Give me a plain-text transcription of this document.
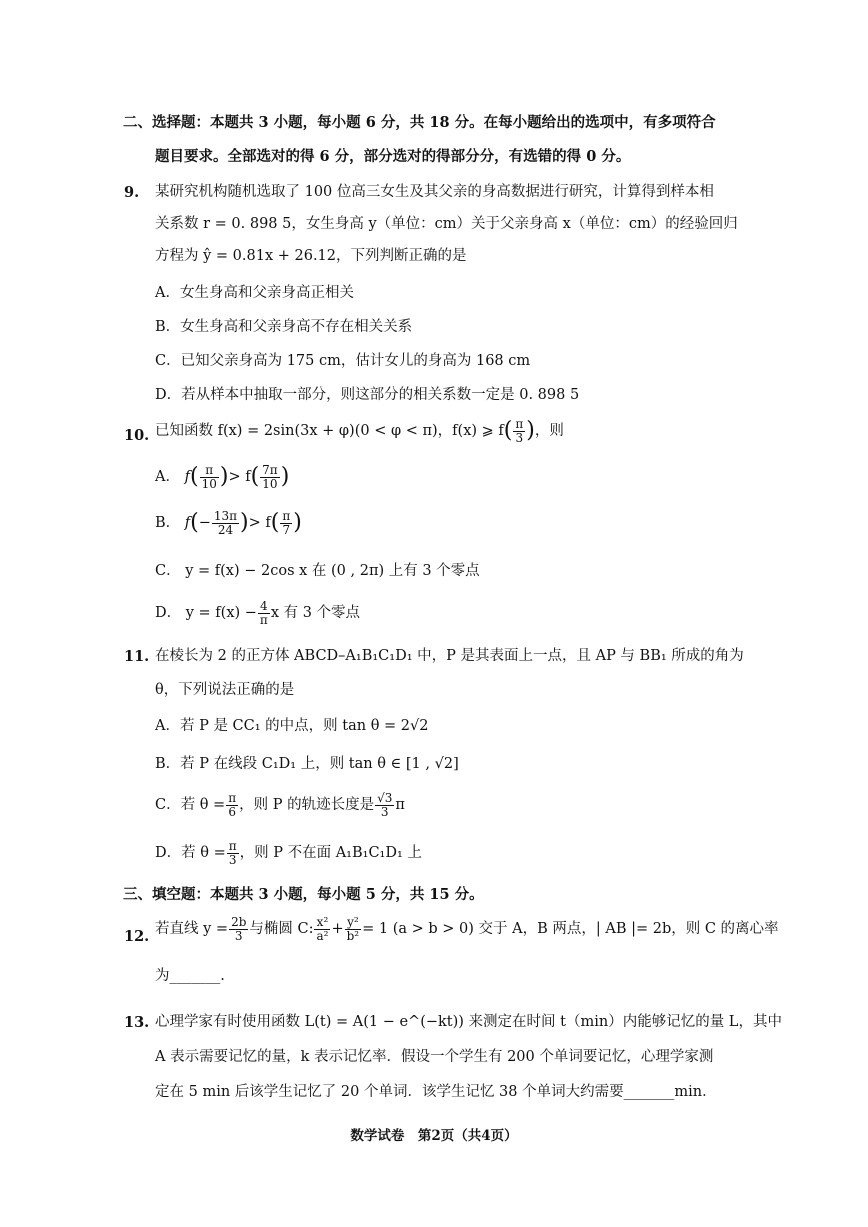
二、选择题：本题共 3 小题，每小题 6 分，共 18 分。在每小题给出的选项中，有多项符合
题目要求。全部选对的得 6 分，部分选对的得部分分，有选错的得 0 分。
9. 某研究机构随机选取了 100 位高三女生及其父亲的身高数据进行研究，计算得到样本相
关系数 r = 0. 898 5，女生身高 y（单位：cm）关于父亲身高 x（单位：cm）的经验回归
方程为 ŷ = 0.81x + 26.12，下列判断正确的是
A．女生身高和父亲身高正相关
B．女生身高和父亲身高不存在相关关系
C．已知父亲身高为 175 cm，估计女儿的身高为 168 cm
D．若从样本中抽取一部分，则这部分的相关系数一定是 0. 898 5
10. 已知函数 f(x) = 2sin(3x + φ)(0 < φ < π)，f(x) ⩾ $f( \frac{\pi}{3}$ )，则
A． $f( \frac{\pi}{10}$ )> $f( \frac{7\pi}{10}$ )
B． $f(- \frac{13\pi}{24}$ )> $f( \frac{\pi}{7}$ )
C． y = f(x) − 2cos x 在 (0 , 2π) 上有 3 个零点
D． $y = f(x) - \frac{4}{\pi}$ x 有 3 个零点
11. 在棱长为 2 的正方体 ABCD–A₁B₁C₁D₁ 中，P 是其表面上一点，且 AP 与 BB₁ 所成的角为
θ，下列说法正确的是
A．若 P 是 CC₁ 的中点，则 tan θ = 2√2
B．若 P 在线段 C₁D₁ 上，则 tan θ ∈ [1 , √2]
C．若 $\theta = \frac{\pi}{6}$ ，则 P 的轨迹长度是 $\frac{√3}{3}$ π
D．若 $\theta = \frac{\pi}{3}$ ，则 P 不在面 A₁B₁C₁D₁ 上
三、填空题：本题共 3 小题，每小题 5 分，共 15 分。
12. 若直线 $y = \frac{2b}{3}$ 与椭圆 C: $\frac{\text{x²}}{\text{a²}} + \frac{\text{y²}}{\text{b²}} = 1$ (a > b > 0) 交于 A，B 两点，| AB |= 2b，则 C 的离心率
为_______.
13. 心理学家有时使用函数 L(t) = A(1 − e^(−kt)) 来测定在时间 t（min）内能够记忆的量 L，其中
A 表示需要记忆的量，k 表示记忆率．假设一个学生有 200 个单词要记忆，心理学家测
定在 5 min 后该学生记忆了 20 个单词．该学生记忆 38 个单词大约需要_______min．
数学试卷　第2页（共4页）
